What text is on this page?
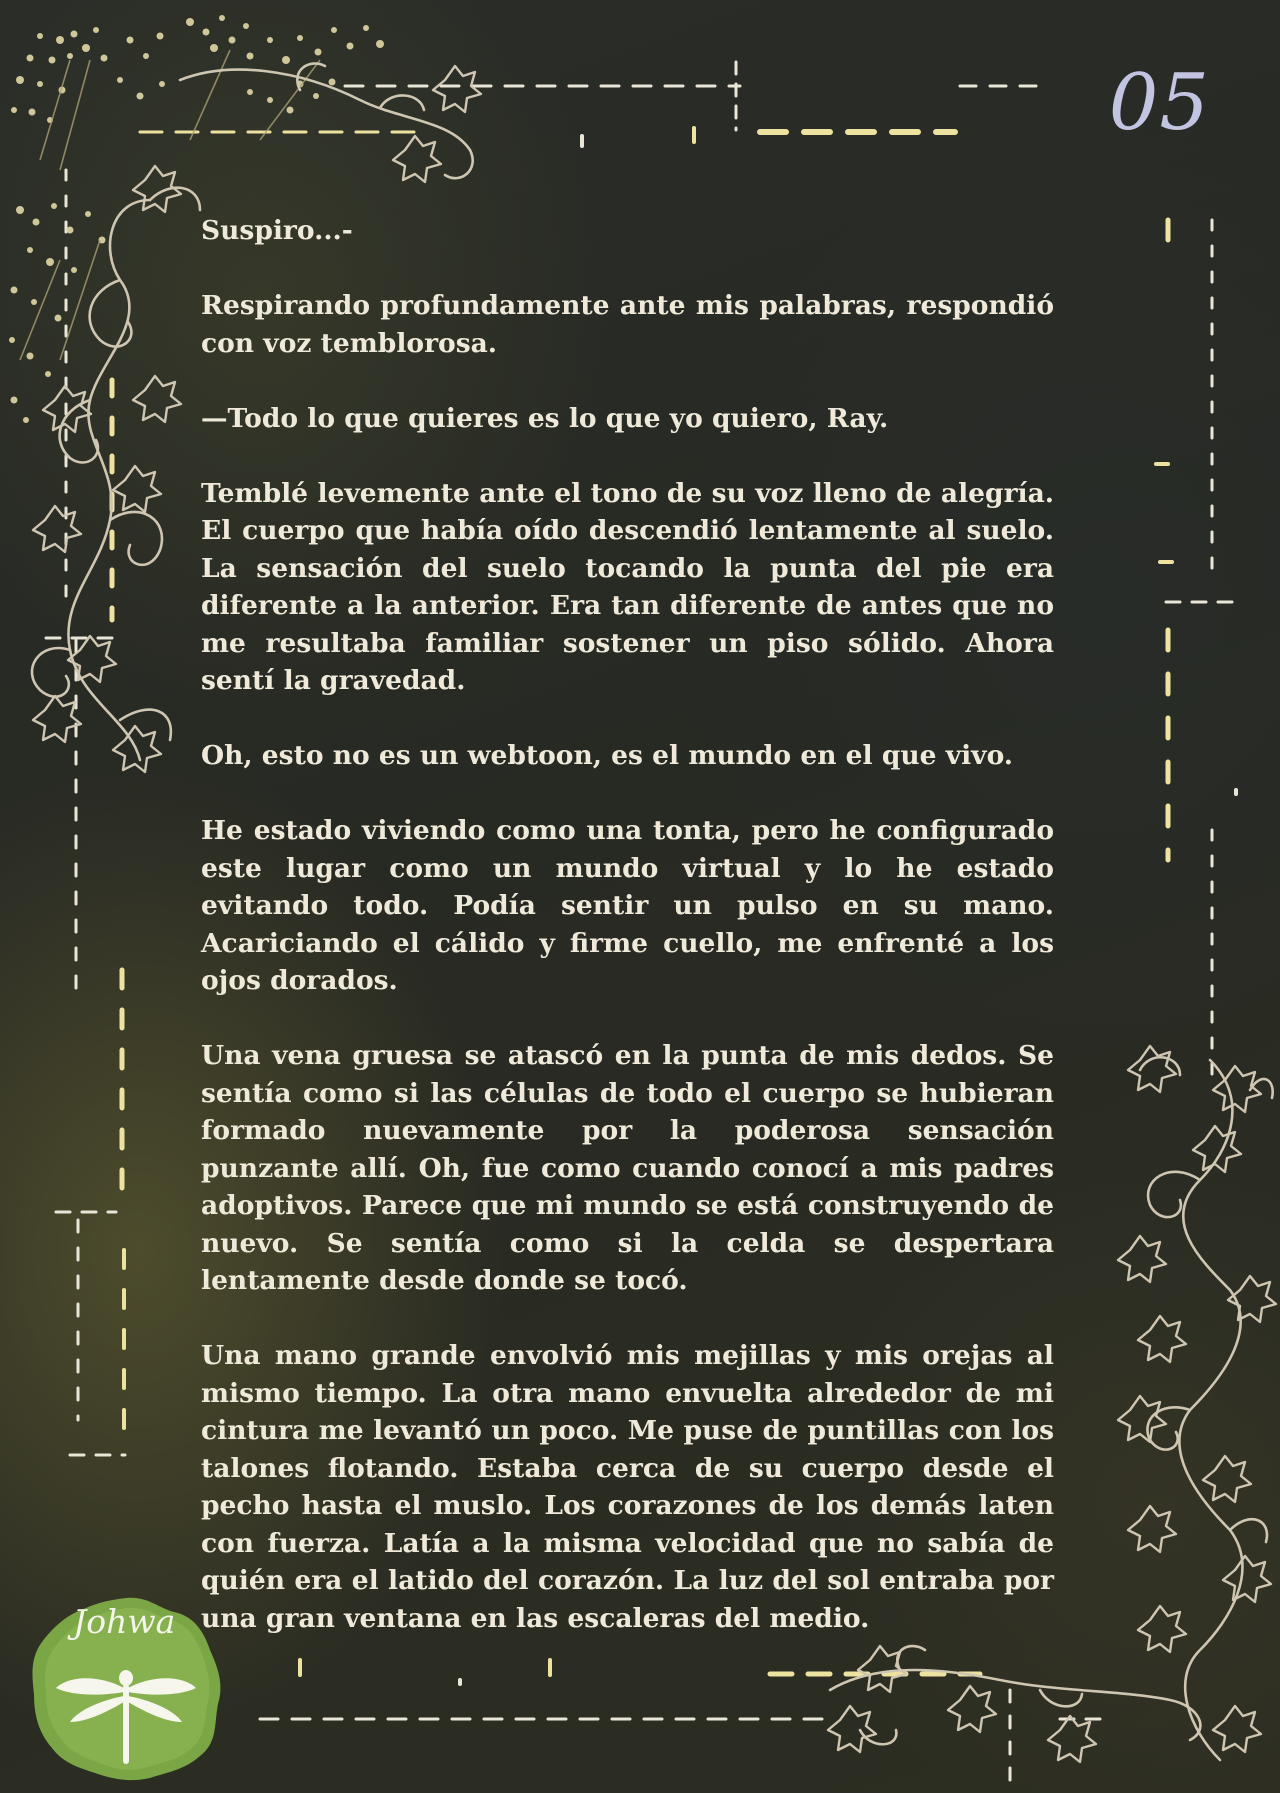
05

Suspiro...-

Respirando profundamente ante mis palabras, respondió con voz temblorosa.

—Todo lo que quieres es lo que yo quiero, Ray.

Temblé levemente ante el tono de su voz lleno de alegría. El cuerpo que había oído descendió lentamente al suelo. La sensación del suelo tocando la punta del pie era diferente a la anterior. Era tan diferente de antes que no me resultaba familiar sostener un piso sólido. Ahora sentí la gravedad.

Oh, esto no es un webtoon, es el mundo en el que vivo.

He estado viviendo como una tonta, pero he configurado este lugar como un mundo virtual y lo he estado evitando todo. Podía sentir un pulso en su mano. Acariciando el cálido y firme cuello, me enfrenté a los ojos dorados.

Una vena gruesa se atascó en la punta de mis dedos. Se sentía como si las células de todo el cuerpo se hubieran formado nuevamente por la poderosa sensación punzante allí. Oh, fue como cuando conocí a mis padres adoptivos. Parece que mi mundo se está construyendo de nuevo. Se sentía como si la celda se despertara lentamente desde donde se tocó.

Una mano grande envolvió mis mejillas y mis orejas al mismo tiempo. La otra mano envuelta alrededor de mi cintura me levantó un poco. Me puse de puntillas con los talones flotando. Estaba cerca de su cuerpo desde el pecho hasta el muslo. Los corazones de los demás laten con fuerza. Latía a la misma velocidad que no sabía de quién era el latido del corazón. La luz del sol entraba por una gran ventana en las escaleras del medio.

Johwa
